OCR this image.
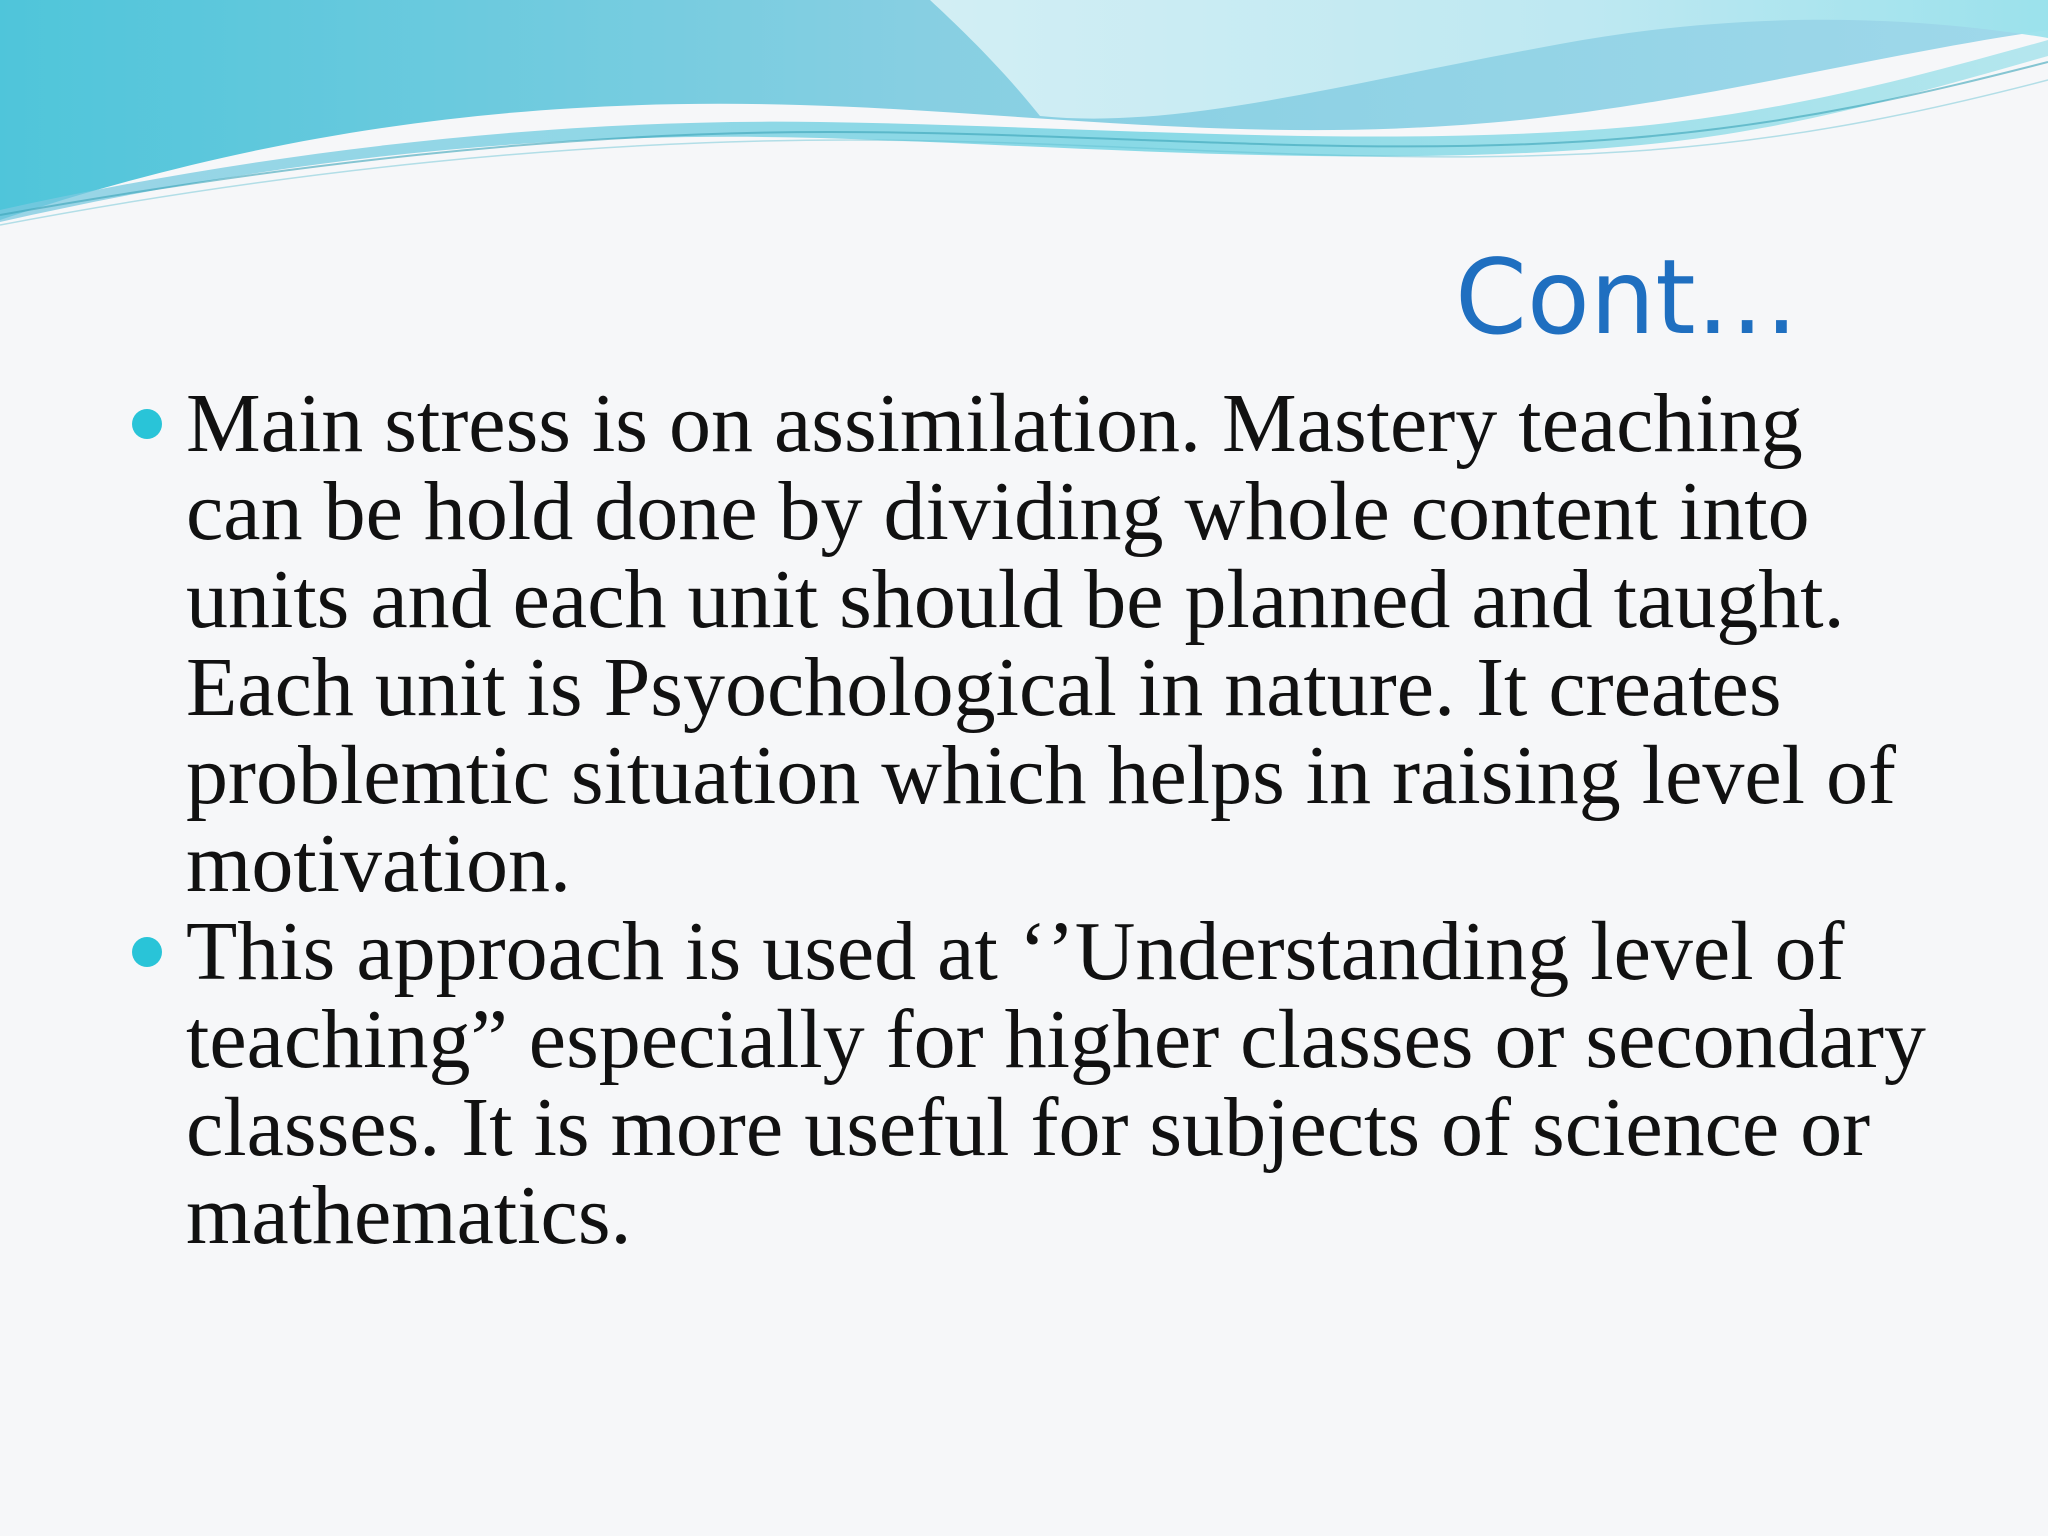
Cont…
Main stress is on assimilation. Mastery teaching can be hold done by dividing whole content into units and each unit should be planned and taught. Each unit is Psyochological in nature. It creates problemtic situation which helps in raising level of motivation.
This approach is used at ‘’Understanding level of teaching” especially for higher classes or secondary classes. It is more useful for subjects of science or mathematics.
